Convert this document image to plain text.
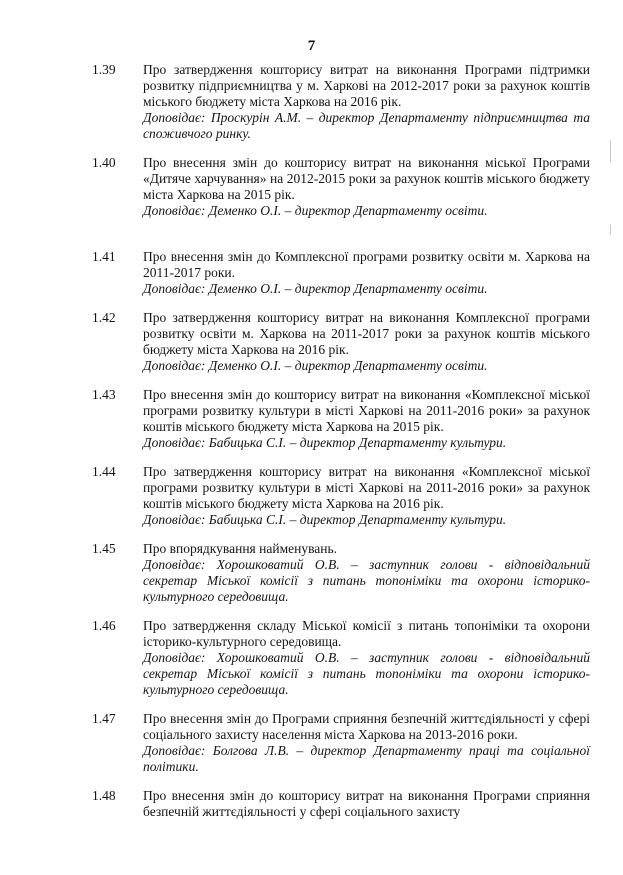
7
1.39 Про затвердження кошторису витрат на виконання Програми підтримки розвитку підприємництва у м. Харкові на 2012-2017 роки за рахунок коштів міського бюджету міста Харкова на 2016 рік.
Доповідає: Проскурін А.М. – директор Департаменту підприємництва та споживчого ринку.
1.40 Про внесення змін до кошторису витрат на виконання міської Програми «Дитяче харчування» на 2012-2015 роки за рахунок коштів міського бюджету міста Харкова на 2015 рік.
Доповідає: Деменко О.І. – директор Департаменту освіти.
1.41 Про внесення змін до Комплексної програми розвитку освіти м. Харкова на 2011-2017 роки.
Доповідає: Деменко О.І. – директор Департаменту освіти.
1.42 Про затвердження кошторису витрат на виконання Комплексної програми розвитку освіти м. Харкова на 2011-2017 роки за рахунок коштів міського бюджету міста Харкова на 2016 рік.
Доповідає: Деменко О.І. – директор Департаменту освіти.
1.43 Про внесення змін до кошторису витрат на виконання «Комплексної міської програми розвитку культури в місті Харкові на 2011-2016 роки» за рахунок коштів міського бюджету міста Харкова на 2015 рік.
Доповідає: Бабицька С.І. – директор Департаменту культури.
1.44 Про затвердження кошторису витрат на виконання «Комплексної міської програми розвитку культури в місті Харкові на 2011-2016 роки» за рахунок коштів міського бюджету міста Харкова на 2016 рік.
Доповідає: Бабицька С.І. – директор Департаменту культури.
1.45 Про впорядкування найменувань.
Доповідає: Хорошковатий О.В. – заступник голови - відповідальний секретар Міської комісії з питань топоніміки та охорони історико-культурного середовища.
1.46 Про затвердження складу Міської комісії з питань топоніміки та охорони історико-культурного середовища.
Доповідає: Хорошковатий О.В. – заступник голови - відповідальний секретар Міської комісії з питань топоніміки та охорони історико-культурного середовища.
1.47 Про внесення змін до Програми сприяння безпечній життєдіяльності у сфері соціального захисту населення міста Харкова на 2013-2016 роки.
Доповідає: Болгова Л.В. – директор Департаменту праці та соціальної політики.
1.48 Про внесення змін до кошторису витрат на виконання Програми сприяння безпечній життєдіяльності у сфері соціального захисту
